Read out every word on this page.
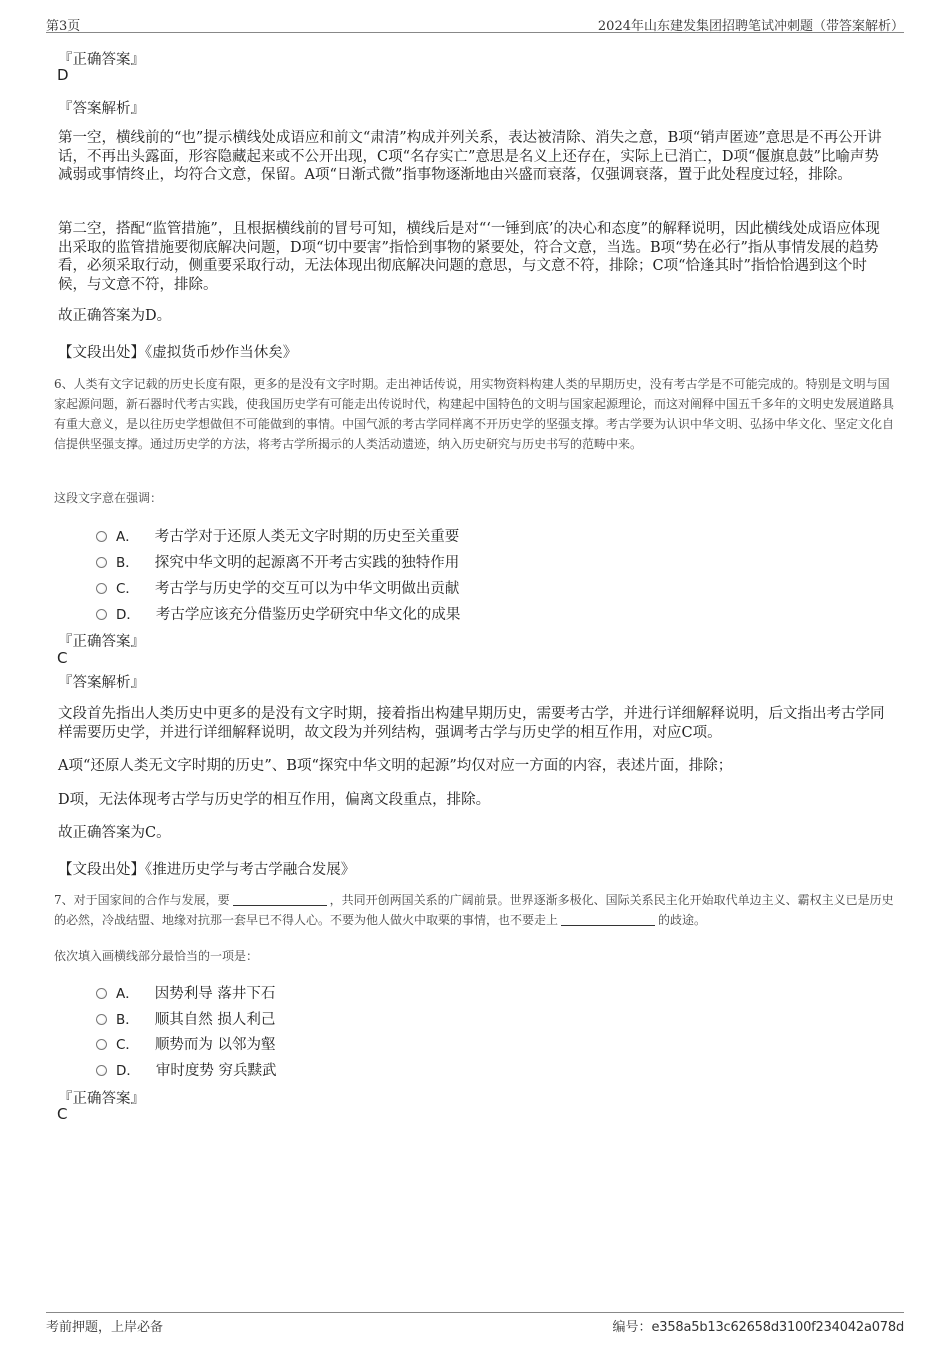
第3页	2024年山东建发集团招聘笔试冲刺题（带答案解析）
『正确答案』
D
『答案解析』
第一空，横线前的“也”提示横线处成语应和前文“肃清”构成并列关系，表达被清除、消失之意，B项“销声匿迹”意思是不再公开讲话，不再出头露面，形容隐藏起来或不公开出现，C项“名存实亡”意思是名义上还存在，实际上已消亡，D项“偃旗息鼓”比喻声势减弱或事情终止，均符合文意，保留。A项“日渐式微”指事物逐渐地由兴盛而衰落，仅强调衰落，置于此处程度过轻，排除。
第二空，搭配“监管措施”，且根据横线前的冒号可知，横线后是对“‘一锤到底’的决心和态度”的解释说明，因此横线处成语应体现出采取的监管措施要彻底解决问题，D项“切中要害”指恰到事物的紧要处，符合文意，当选。B项“势在必行”指从事情发展的趋势看，必须采取行动，侧重要采取行动，无法体现出彻底解决问题的意思，与文意不符，排除；C项“恰逢其时”指恰恰遇到这个时候，与文意不符，排除。
故正确答案为D。
【文段出处】《虚拟货币炒作当休矣》
6、人类有文字记载的历史长度有限，更多的是没有文字时期。走出神话传说，用实物资料构建人类的早期历史，没有考古学是不可能完成的。特别是文明与国家起源问题，新石器时代考古实践，使我国历史学有可能走出传说时代，构建起中国特色的文明与国家起源理论，而这对阐释中国五千多年的文明史发展道路具有重大意义，是以往历史学想做但不可能做到的事情。中国气派的考古学同样离不开历史学的坚强支撑。考古学要为认识中华文明、弘扬中华文化、坚定文化自信提供坚强支撑。通过历史学的方法，将考古学所揭示的人类活动遗迹，纳入历史研究与历史书写的范畴中来。
这段文字意在强调：
A． 考古学对于还原人类无文字时期的历史至关重要
B． 探究中华文明的起源离不开考古实践的独特作用
C． 考古学与历史学的交互可以为中华文明做出贡献
D． 考古学应该充分借鉴历史学研究中华文化的成果
『正确答案』
C
『答案解析』
文段首先指出人类历史中更多的是没有文字时期，接着指出构建早期历史，需要考古学，并进行详细解释说明，后文指出考古学同样需要历史学，并进行详细解释说明，故文段为并列结构，强调考古学与历史学的相互作用，对应C项。
A项“还原人类无文字时期的历史”、B项“探究中华文明的起源”均仅对应一方面的内容，表述片面，排除；
D项，无法体现考古学与历史学的相互作用，偏离文段重点，排除。
故正确答案为C。
【文段出处】《推进历史学与考古学融合发展》
7、对于国家间的合作与发展，要	，共同开创两国关系的广阔前景。世界逐渐多极化、国际关系民主化开始取代单边主义、霸权主义已是历史的必然，冷战结盟、地缘对抗那一套早已不得人心。不要为他人做火中取栗的事情，也不要走上	的歧途。
依次填入画横线部分最恰当的一项是：
A． 因势利导 落井下石
B． 顺其自然 损人利己
C． 顺势而为 以邻为壑
D． 审时度势 穷兵黩武
『正确答案』
C
考前押题，上岸必备	编号：e358a5b13c62658d3100f234042a078d
